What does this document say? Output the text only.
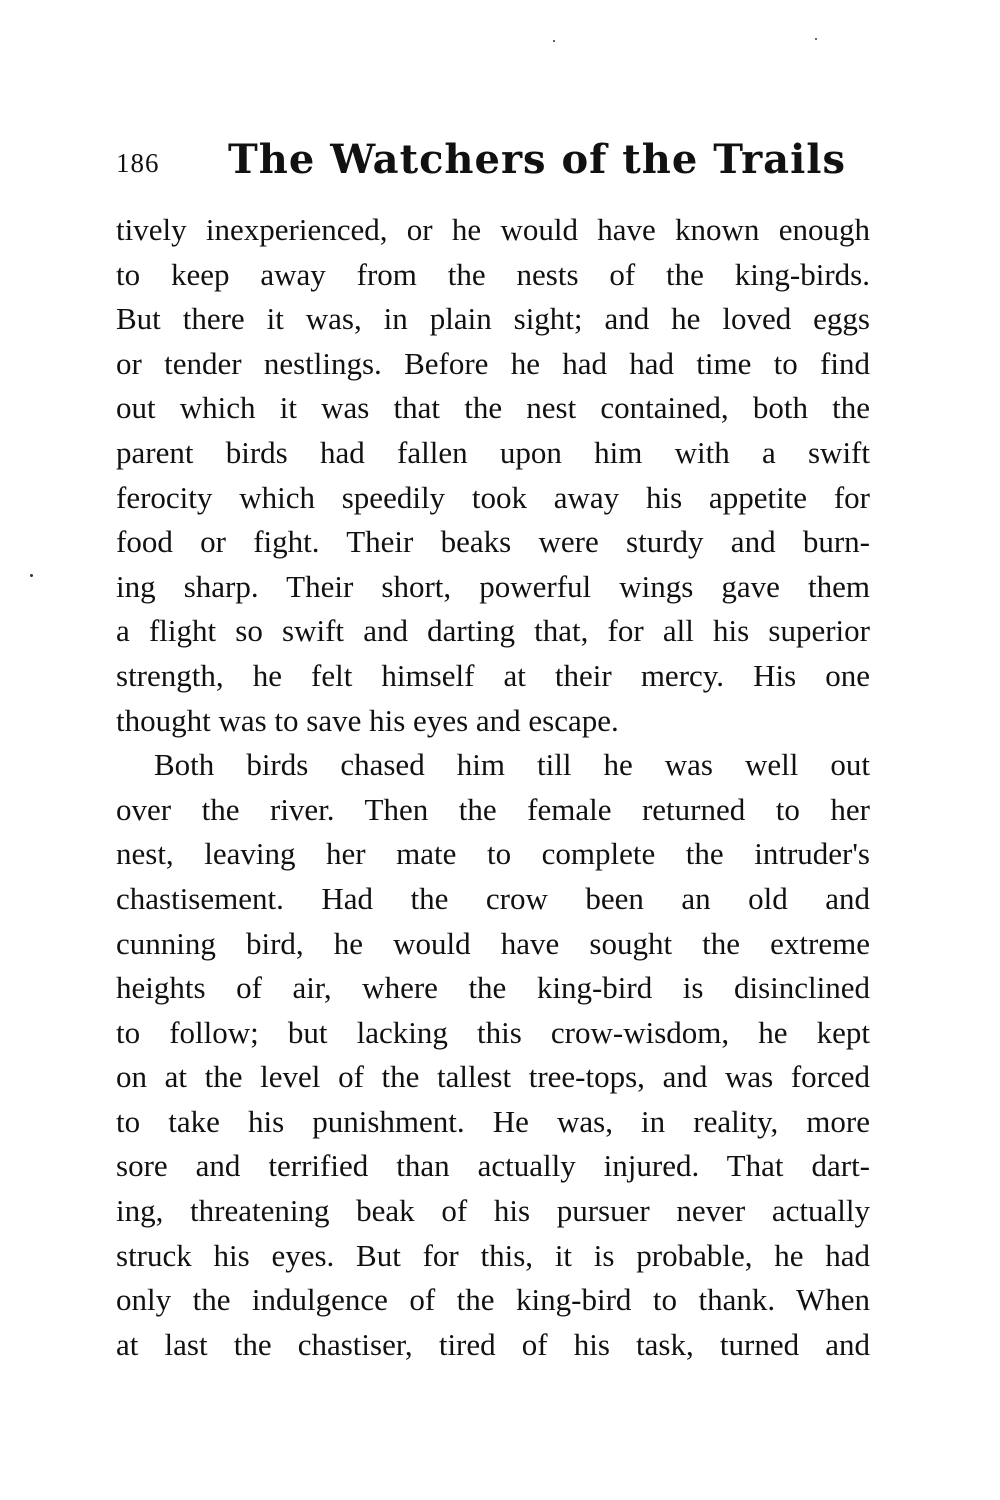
186 The Watchers of the Trails
tively inexperienced, or he would have known enough
to keep away from the nests of the king-birds.
But there it was, in plain sight; and he loved eggs
or tender nestlings. Before he had had time to find
out which it was that the nest contained, both the
parent birds had fallen upon him with a swift
ferocity which speedily took away his appetite for
food or fight. Their beaks were sturdy and burn-
ing sharp. Their short, powerful wings gave them
a flight so swift and darting that, for all his superior
strength, he felt himself at their mercy. His one
thought was to save his eyes and escape.
Both birds chased him till he was well out
over the river. Then the female returned to her
nest, leaving her mate to complete the intruder's
chastisement. Had the crow been an old and
cunning bird, he would have sought the extreme
heights of air, where the king-bird is disinclined
to follow; but lacking this crow-wisdom, he kept
on at the level of the tallest tree-tops, and was forced
to take his punishment. He was, in reality, more
sore and terrified than actually injured. That dart-
ing, threatening beak of his pursuer never actually
struck his eyes. But for this, it is probable, he had
only the indulgence of the king-bird to thank. When
at last the chastiser, tired of his task, turned and
